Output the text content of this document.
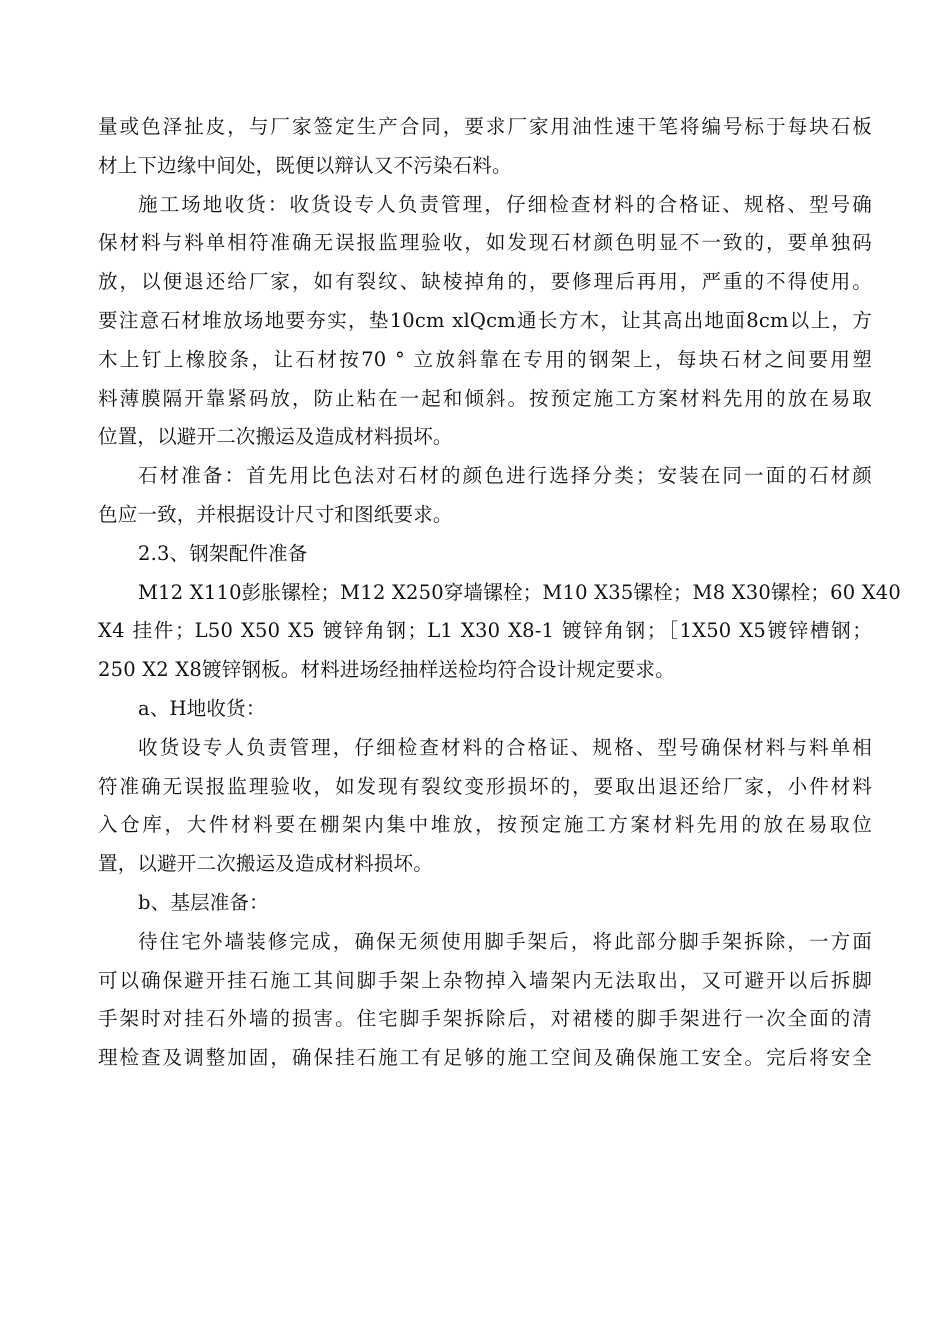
量或色泽扯皮，与厂家签定生产合同，要求厂家用油性速干笔将编号标于每块石板
材上下边缘中间处，既便以辩认又不污染石料。
施工场地收货：收货设专人负责管理，仔细检查材料的合格证、规格、型号确
保材料与料单相符准确无误报监理验收，如发现石材颜色明显不一致的，要单独码
放，以便退还给厂家，如有裂纹、缺棱掉角的，要修理后再用，严重的不得使用。
要注意石材堆放场地要夯实，垫10cm xlQcm通长方木，让其高出地面8cm以上，方
木上钉上橡胶条，让石材按70 ° 立放斜靠在专用的钢架上，每块石材之间要用塑
料薄膜隔开靠紧码放，防止粘在一起和倾斜。按预定施工方案材料先用的放在易取
位置，以避开二次搬运及造成材料损坏。
石材准备：首先用比色法对石材的颜色进行选择分类；安装在同一面的石材颜
色应一致，并根据设计尺寸和图纸要求。
2.3、钢架配件准备
M12 X110彭胀镙栓；M12 X250穿墙镙栓；M10 X35镙栓；M8 X30镙栓；60 X40
X4 挂件；L50 X50 X5 镀锌角钢；L1 X30 X8-1 镀锌角钢；［1X50 X5镀锌槽钢；
250 X2 X8镀锌钢板。材料进场经抽样送检均符合设计规定要求。
a、H地收货：
收货设专人负责管理，仔细检查材料的合格证、规格、型号确保材料与料单相
符准确无误报监理验收，如发现有裂纹变形损坏的，要取出退还给厂家，小件材料
入仓库，大件材料要在棚架内集中堆放，按预定施工方案材料先用的放在易取位
置，以避开二次搬运及造成材料损坏。
b、基层准备：
待住宅外墙装修完成，确保无须使用脚手架后，将此部分脚手架拆除，一方面
可以确保避开挂石施工其间脚手架上杂物掉入墙架内无法取出，又可避开以后拆脚
手架时对挂石外墙的损害。住宅脚手架拆除后，对裙楼的脚手架进行一次全面的清
理检查及调整加固，确保挂石施工有足够的施工空间及确保施工安全。完后将安全
